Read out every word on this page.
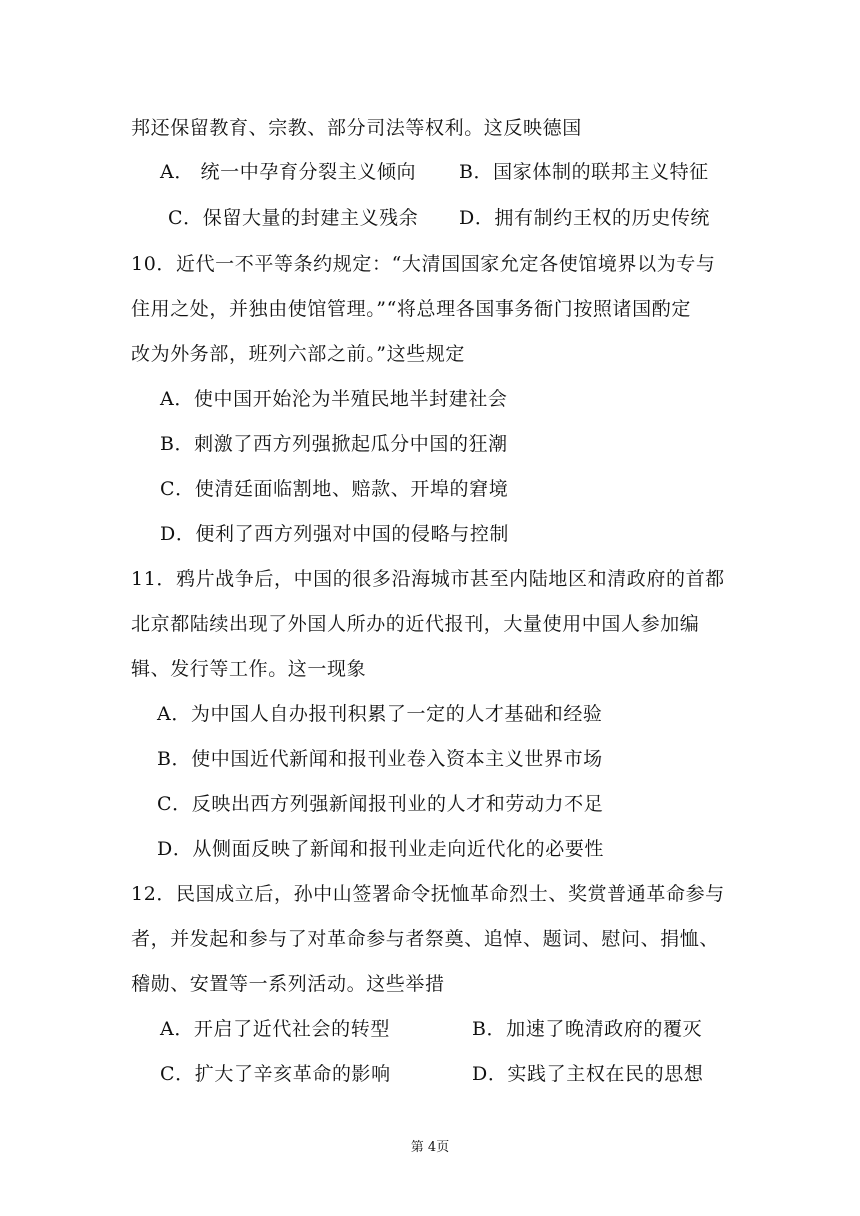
邦还保留教育、宗教、部分司法等权利。这反映德国
A． 统一中孕育分裂主义倾向 B．国家体制的联邦主义特征
C．保留大量的封建主义残余 D．拥有制约王权的历史传统
10．近代一不平等条约规定：“大清国国家允定各使馆境界以为专与
住用之处，并独由使馆管理。”“将总理各国事务衙门按照诸国酌定
改为外务部，班列六部之前。”这些规定
A．使中国开始沦为半殖民地半封建社会
B．刺激了西方列强掀起瓜分中国的狂潮
C．使清廷面临割地、赔款、开埠的窘境
D．便利了西方列强对中国的侵略与控制
11．鸦片战争后，中国的很多沿海城市甚至内陆地区和清政府的首都
北京都陆续出现了外国人所办的近代报刊，大量使用中国人参加编
辑、发行等工作。这一现象
A．为中国人自办报刊积累了一定的人才基础和经验
B．使中国近代新闻和报刊业卷入资本主义世界市场
C．反映出西方列强新闻报刊业的人才和劳动力不足
D．从侧面反映了新闻和报刊业走向近代化的必要性
12．民国成立后，孙中山签署命令抚恤革命烈士、奖赏普通革命参与
者，并发起和参与了对革命参与者祭奠、追悼、题词、慰问、捐恤、
稽勋、安置等一系列活动。这些举措
A．开启了近代社会的转型	B．加速了晚清政府的覆灭
C．扩大了辛亥革命的影响	D．实践了主权在民的思想
第 4页
